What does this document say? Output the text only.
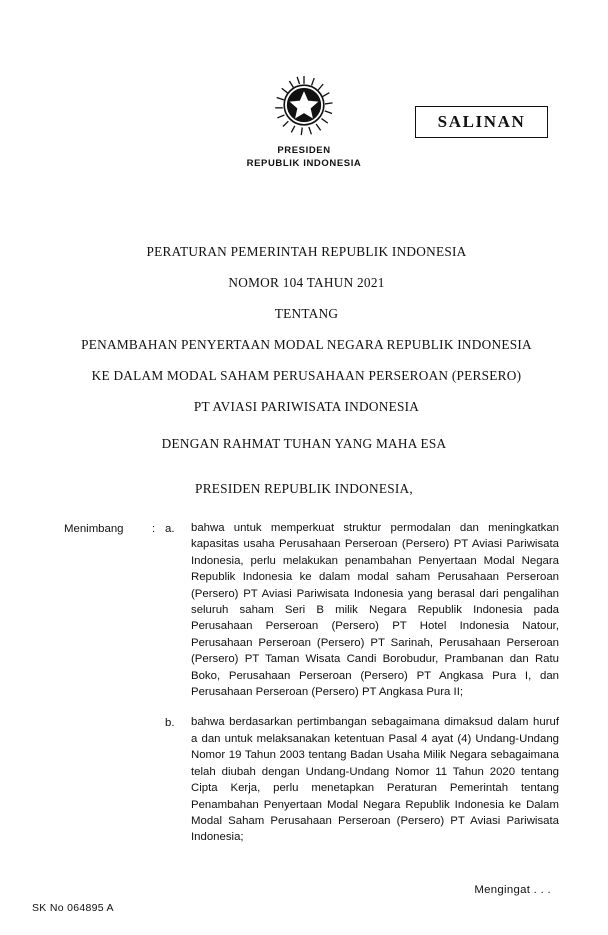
PRESIDEN
REPUBLIK INDONESIA
SALINAN
PERATURAN PEMERINTAH REPUBLIK INDONESIA
NOMOR 104 TAHUN 2021
TENTANG
PENAMBAHAN PENYERTAAN MODAL NEGARA REPUBLIK INDONESIA
KE DALAM MODAL SAHAM PERUSAHAAN PERSEROAN (PERSERO)
PT AVIASI PARIWISATA INDONESIA
DENGAN RAHMAT TUHAN YANG MAHA ESA
PRESIDEN REPUBLIK INDONESIA,
Menimbang	: a.	bahwa untuk memperkuat struktur permodalan dan meningkatkan kapasitas usaha Perusahaan Perseroan (Persero) PT Aviasi Pariwisata Indonesia, perlu melakukan penambahan Penyertaan Modal Negara Republik Indonesia ke dalam modal saham Perusahaan Perseroan (Persero) PT Aviasi Pariwisata Indonesia yang berasal dari pengalihan seluruh saham Seri B milik Negara Republik Indonesia pada Perusahaan Perseroan (Persero) PT Hotel Indonesia Natour, Perusahaan Perseroan (Persero) PT Sarinah, Perusahaan Perseroan (Persero) PT Taman Wisata Candi Borobudur, Prambanan dan Ratu Boko, Perusahaan Perseroan (Persero) PT Angkasa Pura I, dan Perusahaan Perseroan (Persero) PT Angkasa Pura II;
b.	bahwa berdasarkan pertimbangan sebagaimana dimaksud dalam huruf a dan untuk melaksanakan ketentuan Pasal 4 ayat (4) Undang-Undang Nomor 19 Tahun 2003 tentang Badan Usaha Milik Negara sebagaimana telah diubah dengan Undang-Undang Nomor 11 Tahun 2020 tentang Cipta Kerja, perlu menetapkan Peraturan Pemerintah tentang Penambahan Penyertaan Modal Negara Republik Indonesia ke Dalam Modal Saham Perusahaan Perseroan (Persero) PT Aviasi Pariwisata Indonesia;
Mengingat . . .
SK No 064895 A
